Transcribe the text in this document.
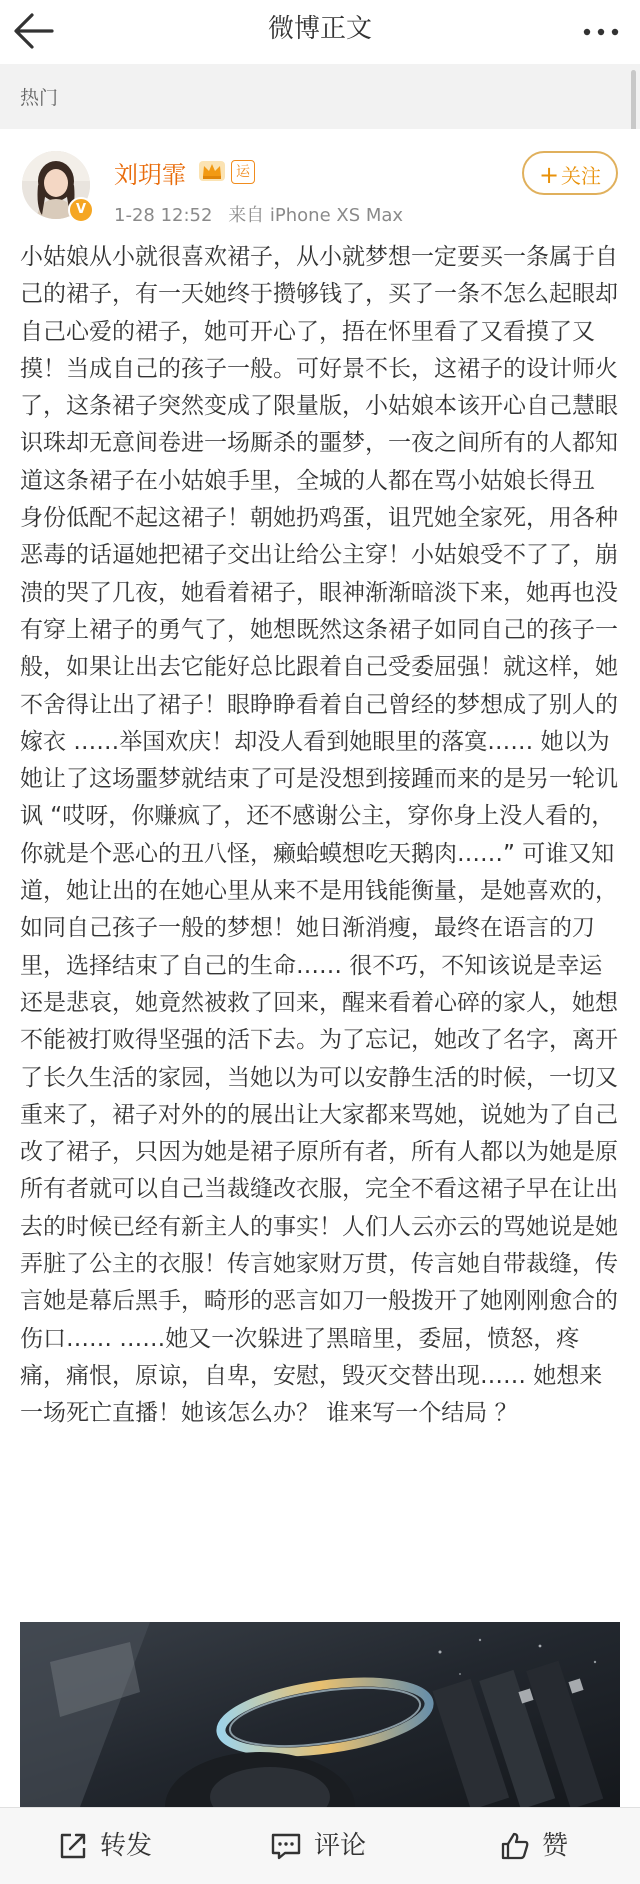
微博正文
热门
V
刘玥霏	运
1-28 12:52 来自 iPhone XS Max
+ 关注
小姑娘从小就很喜欢裙子，从小就梦想一定要买一条属于自己的裙子，有一天她终于攒够钱了，买了一条不怎么起眼却自己心爱的裙子，她可开心了，捂在怀里看了又看摸了又摸！当成自己的孩子一般。可好景不长，这裙子的设计师火了，这条裙子突然变成了限量版，小姑娘本该开心自己慧眼识珠却无意间卷进一场厮杀的噩梦，一夜之间所有的人都知道这条裙子在小姑娘手里，全城的人都在骂小姑娘长得丑 身份低配不起这裙子！朝她扔鸡蛋，诅咒她全家死，用各种恶毒的话逼她把裙子交出让给公主穿！小姑娘受不了了，崩溃的哭了几夜，她看着裙子，眼神渐渐暗淡下来，她再也没有穿上裙子的勇气了，她想既然这条裙子如同自己的孩子一般，如果让出去它能好总比跟着自己受委屈强！就这样，她不舍得让出了裙子！眼睁睁看着自己曾经的梦想成了别人的嫁衣 ……举国欢庆！却没人看到她眼里的落寞…… 她以为她让了这场噩梦就结束了可是没想到接踵而来的是另一轮讥讽 “哎呀，你赚疯了，还不感谢公主，穿你身上没人看的，你就是个恶心的丑八怪，癞蛤蟆想吃天鹅肉……” 可谁又知道，她让出的在她心里从来不是用钱能衡量，是她喜欢的，如同自己孩子一般的梦想！她日渐消瘦，最终在语言的刀里，选择结束了自己的生命…… 很不巧，不知该说是幸运还是悲哀，她竟然被救了回来，醒来看着心碎的家人，她想不能被打败得坚强的活下去。为了忘记，她改了名字，离开了长久生活的家园，当她以为可以安静生活的时候，一切又重来了，裙子对外的的展出让大家都来骂她，说她为了自己改了裙子，只因为她是裙子原所有者，所有人都以为她是原所有者就可以自己当裁缝改衣服，完全不看这裙子早在让出去的时候已经有新主人的事实！人们人云亦云的骂她说是她弄脏了公主的衣服！传言她家财万贯，传言她自带裁缝，传言她是幕后黑手，畸形的恶言如刀一般拨开了她刚刚愈合的伤口…… ……她又一次躲进了黑暗里，委屈，愤怒，疼痛，痛恨，原谅，自卑，安慰，毁灭交替出现…… 她想来一场死亡直播！她该怎么办？ 谁来写一个结局 ？
转发	评论	赞
